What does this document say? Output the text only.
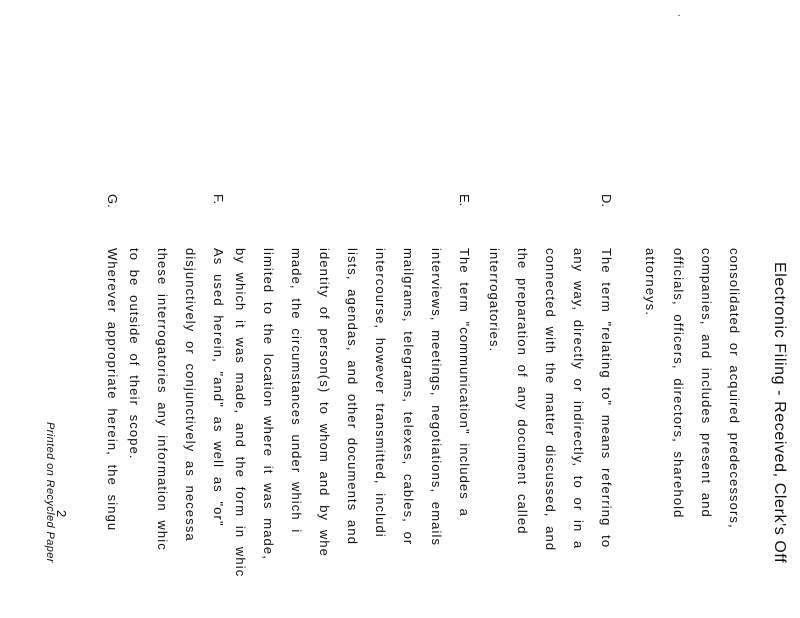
Electronic Filing - Received, Clerk's Off
consolidated or acquired predecessors,
companies, and includes present and
officials, officers, directors, sharehold
attorneys.
D.
The term "relating to" means referring to
any way, directly or indirectly, to or in a
connected with the matter discussed, and
the preparation of any document called
interrogatories.
E.
The term "communication" includes a
interviews, meetings, negotiations, emails
mailgrams, telegrams, telexes, cables, or
intercourse, however transmitted, includi
lists, agendas, and other documents and
identity of person(s) to whom and by whe
made, the circumstances under which i
limited to the location where it was made,
by which it was made, and the form in whic
F.
As used herein, "and" as well as "or"
disjunctively or conjunctively as necessa
these interrogatories any information whic
to be outside of their scope.
G.
Wherever appropriate herein, the singu
2
Printed on Recycled Paper
